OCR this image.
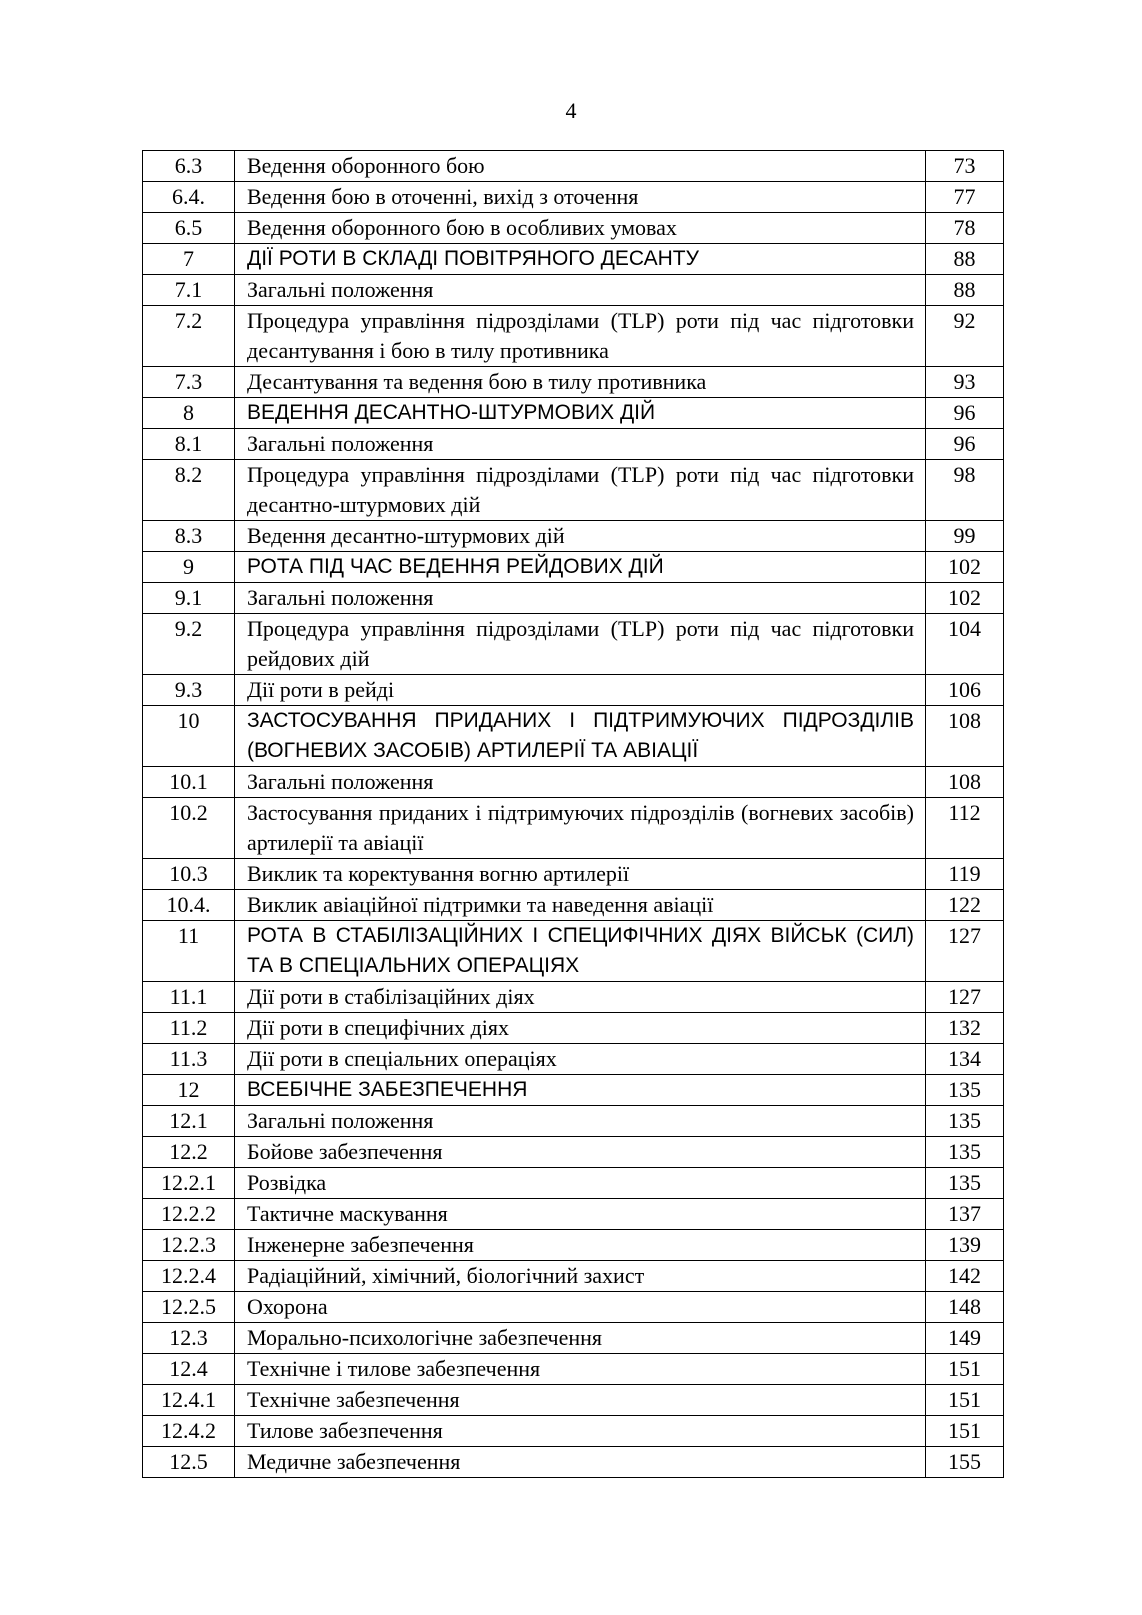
4
6.3	Ведення оборонного бою	73
6.4.	Ведення бою в оточенні, вихід з оточення	77
6.5	Ведення оборонного бою в особливих умовах	78
7	ДІЇ РОТИ В СКЛАДІ ПОВІТРЯНОГО ДЕСАНТУ	88
7.1	Загальні положення	88
7.2	Процедура управління підрозділами (TLP) роти під час підготовки десантування і бою в тилу противника	92
7.3	Десантування та ведення бою в тилу противника	93
8	ВЕДЕННЯ ДЕСАНТНО-ШТУРМОВИХ ДІЙ	96
8.1	Загальні положення	96
8.2	Процедура управління підрозділами (TLP) роти під час підготовки десантно-штурмових дій	98
8.3	Ведення десантно-штурмових дій	99
9	РОТА ПІД ЧАС ВЕДЕННЯ РЕЙДОВИХ ДІЙ	102
9.1	Загальні положення	102
9.2	Процедура управління підрозділами (TLP) роти під час підготовки рейдових дій	104
9.3	Дії роти в рейді	106
10	ЗАСТОСУВАННЯ ПРИДАНИХ І ПІДТРИМУЮЧИХ ПІДРОЗДІЛІВ (ВОГНЕВИХ ЗАСОБІВ) АРТИЛЕРІЇ ТА АВІАЦІЇ	108
10.1	Загальні положення	108
10.2	Застосування приданих і підтримуючих підрозділів (вогневих засобів) артилерії та авіації	112
10.3	Виклик та коректування вогню артилерії	119
10.4.	Виклик авіаційної підтримки та наведення авіації	122
11	РОТА В СТАБІЛІЗАЦІЙНИХ І СПЕЦИФІЧНИХ ДІЯХ ВІЙСЬК (СИЛ) ТА В СПЕЦІАЛЬНИХ ОПЕРАЦІЯХ	127
11.1	Дії роти в стабілізаційних діях	127
11.2	Дії роти в специфічних діях	132
11.3	Дії роти в спеціальних операціях	134
12	ВСЕБІЧНЕ ЗАБЕЗПЕЧЕННЯ	135
12.1	Загальні положення	135
12.2	Бойове забезпечення	135
12.2.1	Розвідка	135
12.2.2	Тактичне маскування	137
12.2.3	Інженерне забезпечення	139
12.2.4	Радіаційний, хімічний, біологічний захист	142
12.2.5	Охорона	148
12.3	Морально-психологічне забезпечення	149
12.4	Технічне і тилове забезпечення	151
12.4.1	Технічне забезпечення	151
12.4.2	Тилове забезпечення	151
12.5	Медичне забезпечення	155
